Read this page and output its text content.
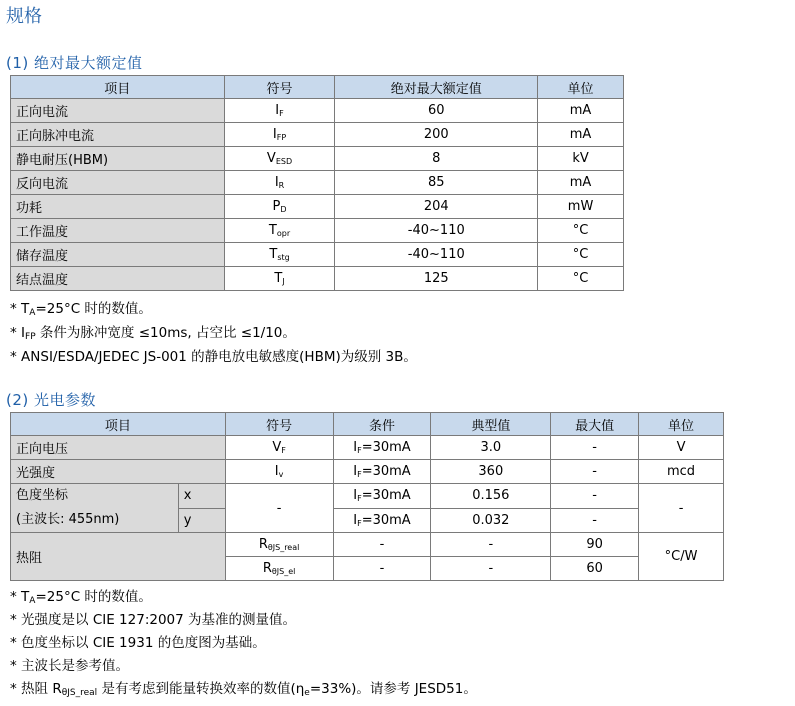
规格
(1) 绝对最大额定值
项目	符号	绝对最大额定值	单位
正向电流	$I_F$	60	mA
正向脉冲电流	$I_{FP}$	200	mA
静电耐压(HBM)	$V_{ESD}$	8	kV
反向电流	$I_R$	85	mA
功耗	$P_D$	204	mW
工作温度	$T_{opr}$	-40~110	°C
储存温度	$T_{stg}$	-40~110	°C
结点温度	$T_J$	125	°C
* TA=25°C 时的数值。
* IFP 条件为脉冲宽度 ≤10ms, 占空比 ≤1/10。
* ANSI/ESDA/JEDEC JS-001 的静电放电敏感度(HBM)为级别 3B。
(2) 光电参数
项目		符号	条件	典型值	最大值	单位
正向电压		$V_F$	$I_F=30mA$	3.0	-	V
光强度		$I_v$	$I_F=30mA$	360	-	mcd

色度坐标
(主波长: 455nm)	x	-	$I_F=30mA$	0.156	-	-
	y		$I_F=30mA$	0.032	-	
热阻		$R_{\theta JS\_real}$	-	-	90	°C/W
		$R_{\theta JS\_el}$	-	-	60	
* TA=25°C 时的数值。
* 光强度是以 CIE 127:2007 为基准的测量值。
* 色度坐标以 CIE 1931 的色度图为基础。
* 主波长是参考值。
* 热阻 RθJS_real 是有考虑到能量转换效率的数值(ηe=33%)。请参考 JESD51。
